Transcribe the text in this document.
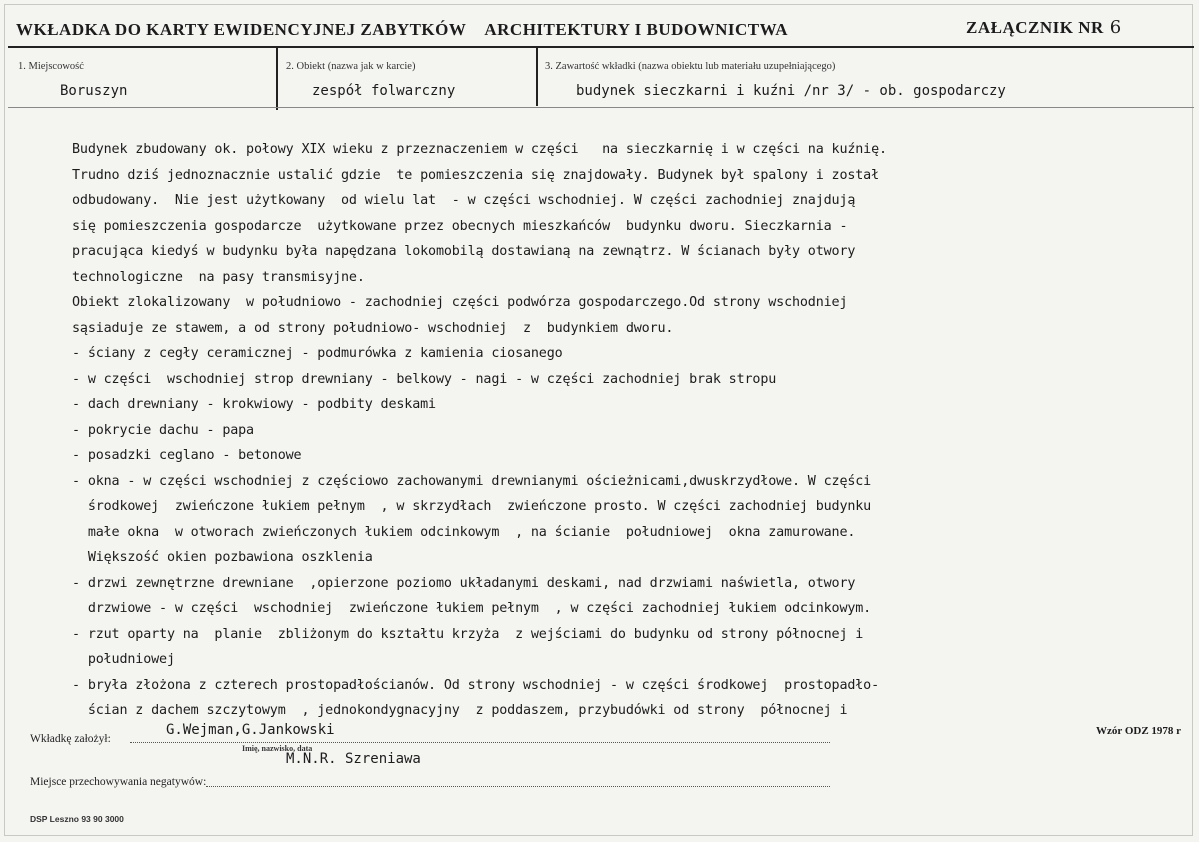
WKŁADKA DO KARTY EWIDENCYJNEJ ZABYTKÓW ARCHITEKTURY I BUDOWNICTWA	ZAŁĄCZNIK NR 6
1. Miejscowość	2. Obiekt (nazwa jak w karcie)	3. Zawartość wkładki (nazwa obiektu lub materiału uzupełniającego)
Boruszyn	zespół folwarczny	budynek sieczkarni i kuźni /nr 3/ - ob. gospodarczy
Budynek zbudowany ok. połowy XIX wieku z przeznaczeniem w części   na sieczkarnię i w części na kuźnię.
Trudno dziś jednoznacznie ustalić gdzie  te pomieszczenia się znajdowały. Budynek był spalony i został
odbudowany.  Nie jest użytkowany  od wielu lat  - w części wschodniej. W części zachodniej znajdują
się pomieszczenia gospodarcze  użytkowane przez obecnych mieszkańców  budynku dworu. Sieczkarnia -
pracująca kiedyś w budynku była napędzana lokomobilą dostawianą na zewnątrz. W ścianach były otwory
technologiczne  na pasy transmisyjne.
Obiekt zlokalizowany  w południowo - zachodniej części podwórza gospodarczego.Od strony wschodniej
sąsiaduje ze stawem, a od strony południowo- wschodniej  z  budynkiem dworu.
- ściany z cegły ceramicznej - podmurówka z kamienia ciosanego
- w części  wschodniej strop drewniany - belkowy - nagi - w części zachodniej brak stropu
- dach drewniany - krokwiowy - podbity deskami
- pokrycie dachu - papa
- posadzki ceglano - betonowe
- okna - w części wschodniej z częściowo zachowanymi drewnianymi ościeżnicami,dwuskrzydłowe. W części
środkowej  zwieńczone łukiem pełnym  , w skrzydłach  zwieńczone prosto. W części zachodniej budynku
małe okna  w otworach zwieńczonych łukiem odcinkowym  , na ścianie  południowej  okna zamurowane.
Większość okien pozbawiona oszklenia
- drzwi zewnętrzne drewniane  ,opierzone poziomo układanymi deskami, nad drzwiami naświetla, otwory
drzwiowe - w części  wschodniej  zwieńczone łukiem pełnym  , w części zachodniej łukiem odcinkowym.
- rzut oparty na  planie  zbliżonym do kształtu krzyża  z wejściami do budynku od strony północnej i
południowej
- bryła złożona z czterech prostopadłościanów. Od strony wschodniej - w części środkowej  prostopadło-
ścian z dachem szczytowym  , jednokondygnacyjny  z poddaszem, przybudówki od strony  północnej i
Wkładkę założył:
G.Wejman,G.Jankowski
Imię, nazwisko, data
M.N.R. Szreniawa
Wzór ODZ 1978 r
Miejsce przechowywania negatywów:
DSP Leszno 93 90 3000
